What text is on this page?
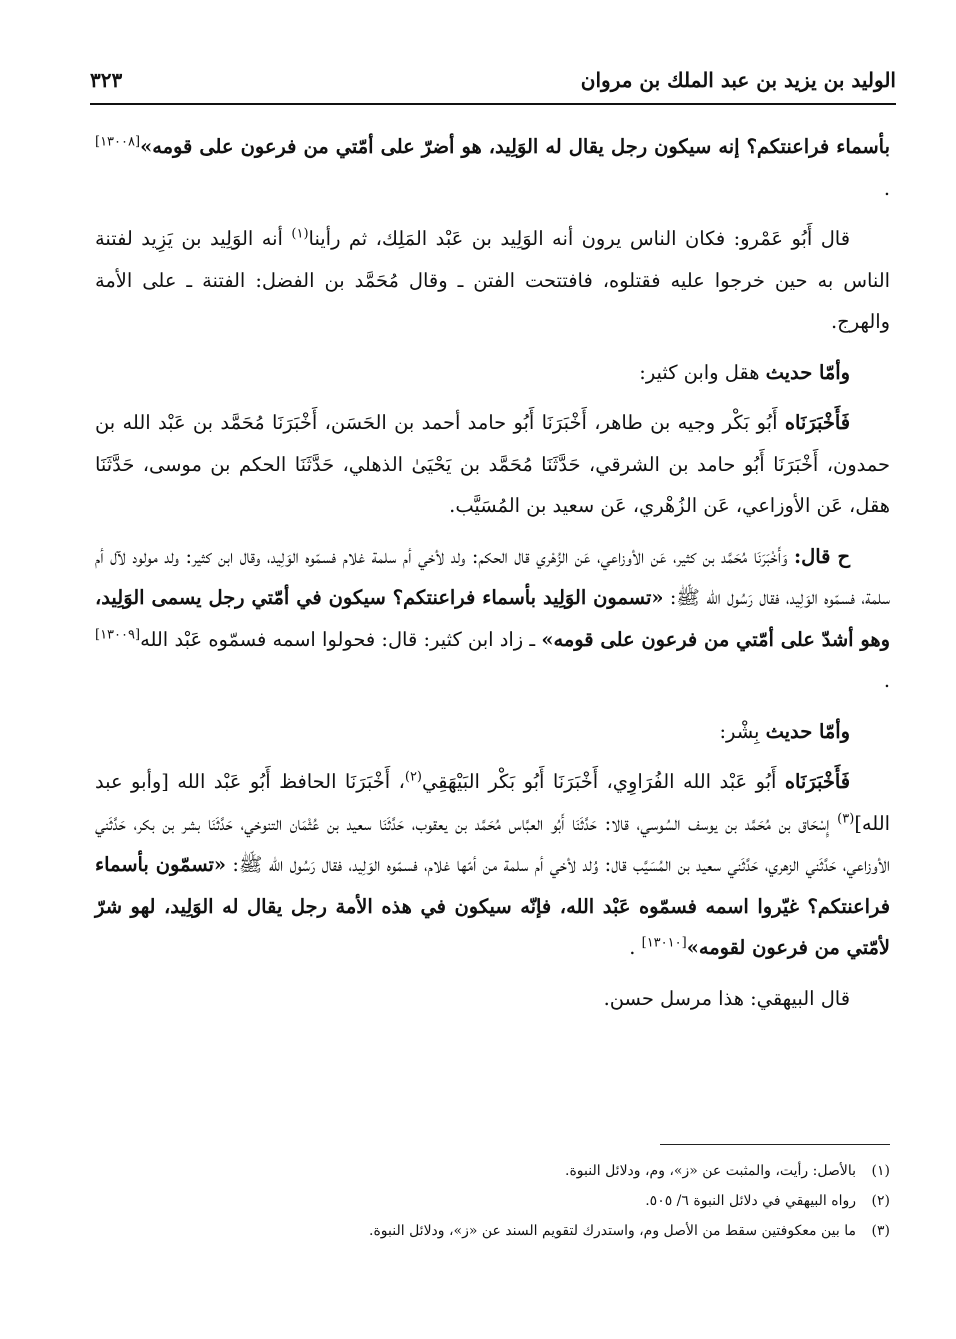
الوليد بن يزيد بن عبد الملك بن مروان
٣٢٣

بأسماء فراعنتكم؟ إنه سيكون رجل يقال له الوَلِيد، هو أضرّ على أمّتي من فرعون على قومه»[١٣٠٠٨] .

قال أَبُو عَمْرو: فكان الناس يرون أنه الوَلِيد بن عَبْد المَلِك، ثم رأينا$^{(١)}$ أنه الوَلِيد بن يَزِيد لفتنة الناس به حين خرجوا عليه فقتلوه، فافتتحت الفتن ـ وقال مُحَمَّد بن الفضل: الفتنة ـ على الأمة والهرج.

وأمّا حديث هقل وابن كثير:

فَأَخْبَرَنَاه أَبُو بَكْر وجيه بن طاهر، أَخْبَرَنَا أَبُو حامد أحمد بن الحَسَن، أَخْبَرَنَا مُحَمَّد بن عَبْد الله بن حمدون، أَخْبَرَنَا أَبُو حامد بن الشرقي، حَدَّثَنَا مُحَمَّد بن يَحْيَىٰ الذهلي، حَدَّثَنَا الحكم بن موسى، حَدَّثَنَا هقل، عَن الأوزاعي، عَن الزُهْري، عَن سعيد بن المُسَيَّب.

ح قال: وَأَخْبَرَنَا مُحَمَّد بن كثير، عَن الأوزاعي، عَن الزُهْري قال الحكم: ولد لأخي أم سلمة غلام فسمّوه الوَلِيد، وقال ابن كثير: ولد مولود لآل أم سلمة، فسمّوه الوَلِيد، فقال رَسُول الله ﷺ: «تسمون الوَلِيد بأسماء فراعنتكم؟ سيكون في أمّتي رجل يسمى الوَلِيد، وهو أشدّ على أمّتي من فرعون على قومه» ـ زاد ابن كثير: قال: فحولوا اسمه فسمّوه عَبْد الله[١٣٠٠٩] .

وأمّا حديث بِشْر:

فَأَخْبَرَنَاه أَبُو عَبْد الله الفُرَاوِي، أَخْبَرَنَا أَبُو بَكْر البَيْهَقِي$^{(٢)}$، أَخْبَرَنَا الحافظ أَبُو عَبْد الله [وأبو عبد الله]$^{(٣)}$ إِسْحَاق بن مُحَمَّد بن يوسف السُوسي، قالا: حَدَّثَنَا أَبُو العبَّاس مُحَمَّد بن يعقوب، حَدَّثَنَا سعيد بن عُثْمَان التنوخي، حَدَّثَنَا بشر بن بكر، حَدَّثَني الأوزاعي، حَدَّثَني الزهري، حَدَّثَني سعيد بن المُسَيَّب قال: وُلد لأخي أم سلمة من أمّها غلام، فسمّوه الوَلِيد، فقال رَسُول الله ﷺ: «تسمّون بأسماء فراعنتكم؟ غيّروا اسمه فسمّوه عَبْد الله، فإنّه سيكون في هذه الأمة رجل يقال له الوَلِيد، لهو شرّ لأمّتي من فرعون لقومه»[١٣٠١٠] .

قال البيهقي: هذا مرسل حسن.

(١)بالأصل: رأيت، والمثبت عن «ز»، وم، ودلائل النبوة.

(٢)رواه البيهقي في دلائل النبوة ٦/ ٥٠٥.

(٣)ما بين معكوفتين سقط من الأصل وم، واستدرك لتقويم السند عن «ز»، ودلائل النبوة.
